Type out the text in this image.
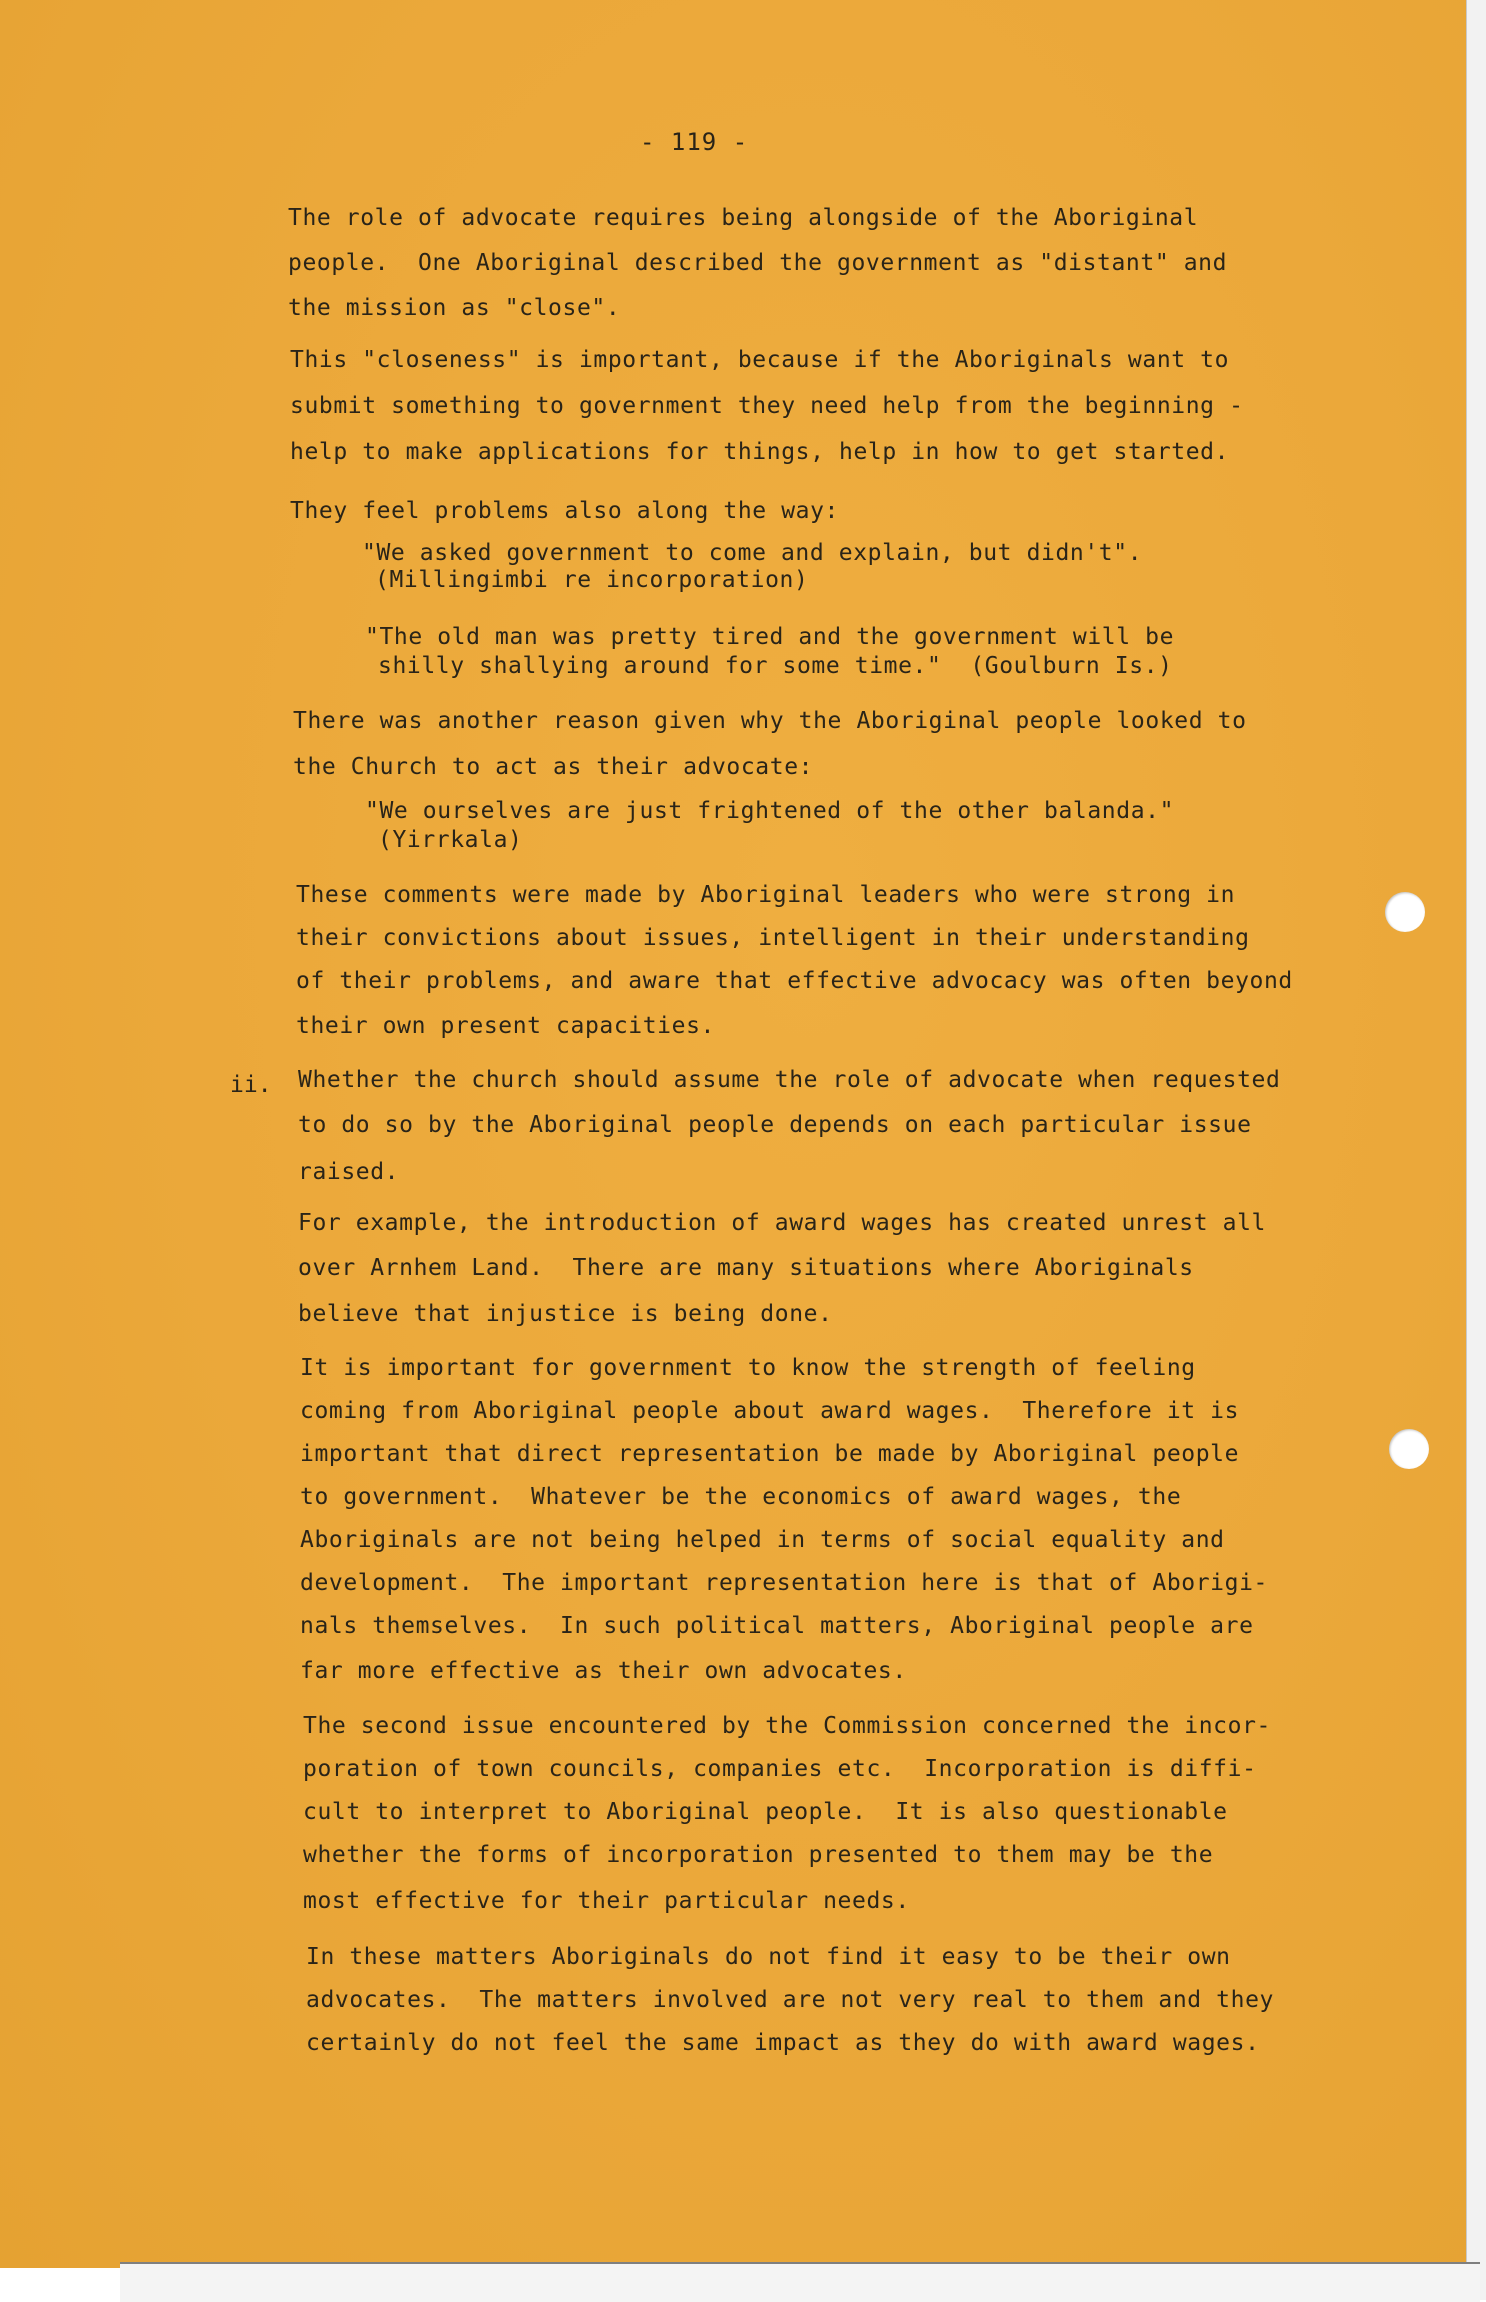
- 119 -
The role of advocate requires being alongside of the Aboriginal
people.  One Aboriginal described the government as "distant" and
the mission as "close".
This "closeness" is important, because if the Aboriginals want to
submit something to government they need help from the beginning -
help to make applications for things, help in how to get started.
They feel problems also along the way:
"We asked government to come and explain, but didn't".
(Millingimbi re incorporation)
"The old man was pretty tired and the government will be
shilly shallying around for some time."  (Goulburn Is.)
There was another reason given why the Aboriginal people looked to
the Church to act as their advocate:
"We ourselves are just frightened of the other balanda."
(Yirrkala)
These comments were made by Aboriginal leaders who were strong in
their convictions about issues, intelligent in their understanding
of their problems, and aware that effective advocacy was often beyond
their own present capacities.
ii. Whether the church should assume the role of advocate when requested
to do so by the Aboriginal people depends on each particular issue
raised.
For example, the introduction of award wages has created unrest all
over Arnhem Land.  There are many situations where Aboriginals
believe that injustice is being done.
It is important for government to know the strength of feeling
coming from Aboriginal people about award wages.  Therefore it is
important that direct representation be made by Aboriginal people
to government.  Whatever be the economics of award wages, the
Aboriginals are not being helped in terms of social equality and
development.  The important representation here is that of Aborigi-
nals themselves.  In such political matters, Aboriginal people are
far more effective as their own advocates.
The second issue encountered by the Commission concerned the incor-
poration of town councils, companies etc.  Incorporation is diffi-
cult to interpret to Aboriginal people.  It is also questionable
whether the forms of incorporation presented to them may be the
most effective for their particular needs.
In these matters Aboriginals do not find it easy to be their own
advocates.  The matters involved are not very real to them and they
certainly do not feel the same impact as they do with award wages.
